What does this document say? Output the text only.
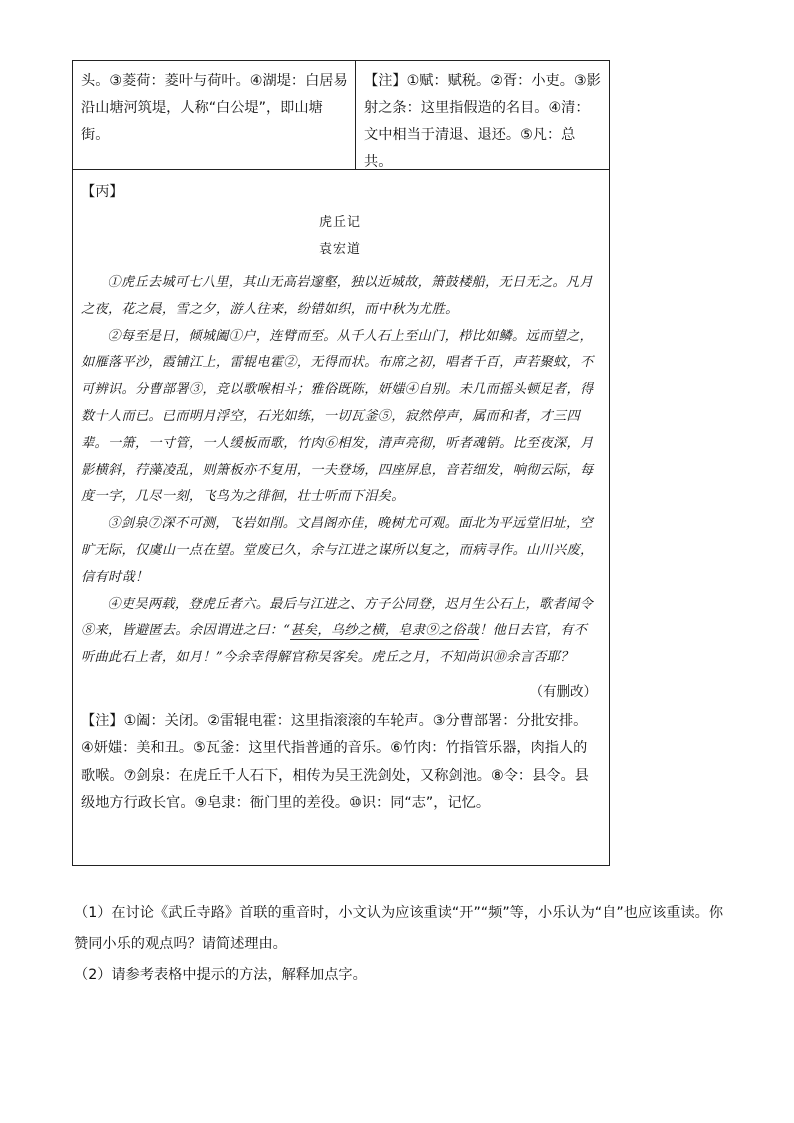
头。③菱荷：菱叶与荷叶。④湖堤：白居易沿山塘河筑堤，人称“白公堤”，即山塘街。
【注】①赋：赋税。②胥：小吏。③影射之条：这里指假造的名目。④清：文中相当于清退、退还。⑤凡：总共。
【丙】
虎丘记
袁宏道

①虎丘去城可七八里，其山无高岩邃壑，独以近城故，箫鼓楼船，无日无之。凡月之夜，花之晨，雪之夕，游人往来，纷错如织，而中秋为尤胜。

②每至是日，倾城阖①户，连臂而至。从千人石上至山门，栉比如鳞。远而望之，如雁落平沙，霞铺江上，雷辊电霍②，无得而状。布席之初，唱者千百，声若聚蚊，不可辨识。分曹部署③，竞以歌喉相斗；雅俗既陈，妍媸④自别。未几而摇头顿足者，得数十人而已。已而明月浮空，石光如练，一切瓦釜⑤，寂然停声，属而和者，才三四辈。一箫，一寸管，一人缓板而歌，竹肉⑥相发，清声亮彻，听者魂销。比至夜深，月影横斜，荇藻凌乱，则箫板亦不复用，一夫登场，四座屏息，音若细发，响彻云际，每度一字，几尽一刻，飞鸟为之徘徊，壮士听而下泪矣。

③剑泉⑦深不可测，飞岩如削。文昌阁亦佳，晚树尤可观。面北为平远堂旧址，空旷无际，仅虞山一点在望。堂废已久，余与江进之谋所以复之，而病寻作。山川兴废，信有时哉！

④吏吴两载，登虎丘者六。最后与江进之、方子公同登，迟月生公石上，歌者闻令⑧来，皆避匿去。余因谓进之曰：“甚矣，乌纱之横，皂隶⑨之俗哉！他日去官，有不听曲此石上者，如月！”今余幸得解官称吴客矣。虎丘之月，不知尚识⑩余言否耶？

（有删改）
【注】①阖：关闭。②雷辊电霍：这里指滚滚的车轮声。③分曹部署：分批安排。④妍媸：美和丑。⑤瓦釜：这里代指普通的音乐。⑥竹肉：竹指管乐器，肉指人的歌喉。⑦剑泉：在虎丘千人石下，相传为吴王洗剑处，又称剑池。⑧令：县令。县级地方行政长官。⑨皂隶：衙门里的差役。⑩识：同“志”，记忆。

（1）在讨论《武丘寺路》首联的重音时，小文认为应该重读“开”“频”等，小乐认为“自”也应该重读。你赞同小乐的观点吗？请简述理由。

（2）请参考表格中提示的方法，解释加点字。
